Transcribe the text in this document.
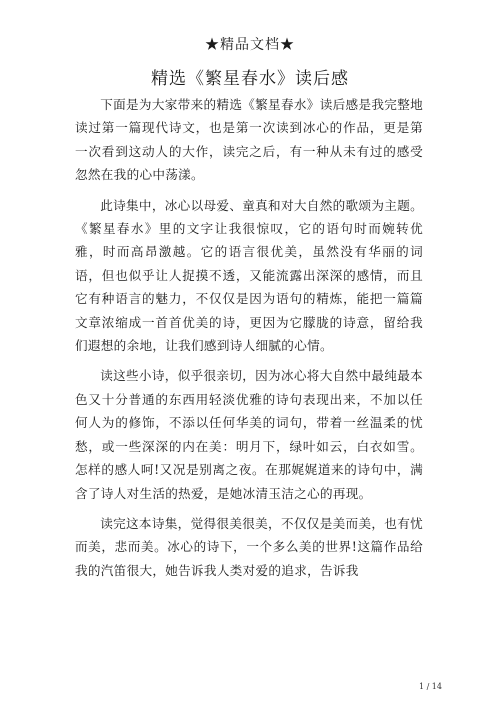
★精品文档★
精选《繁星春水》读后感

下面是为大家带来的精选《繁星春水》读后感是我完整地读过第一篇现代诗文，也是第一次读到冰心的作品，更是第一次看到这动人的大作，读完之后，有一种从未有过的感受忽然在我的心中荡漾。

此诗集中，冰心以母爱、童真和对大自然的歌颂为主题。《繁星春水》里的文字让我很惊叹，它的语句时而婉转优雅，时而高昂激越。它的语言很优美，虽然没有华丽的词语，但也似乎让人捉摸不透，又能流露出深深的感情，而且它有种语言的魅力，不仅仅是因为语句的精炼，能把一篇篇文章浓缩成一首首优美的诗，更因为它朦胧的诗意，留给我们遐想的余地，让我们感到诗人细腻的心情。

读这些小诗，似乎很亲切，因为冰心将大自然中最纯最本色又十分普通的东西用轻淡优雅的诗句表现出来，不加以任何人为的修饰，不添以任何华美的词句，带着一丝温柔的忧愁，或一些深深的内在美：明月下，绿叶如云，白衣如雪。怎样的感人呵!又况是别离之夜。在那娓娓道来的诗句中，满含了诗人对生活的热爱，是她冰清玉洁之心的再现。

读完这本诗集，觉得很美很美，不仅仅是美而美，也有忧而美，悲而美。冰心的诗下，一个多么美的世界!这篇作品给我的汽笛很大，她告诉我人类对爱的追求，告诉我

1 / 14
